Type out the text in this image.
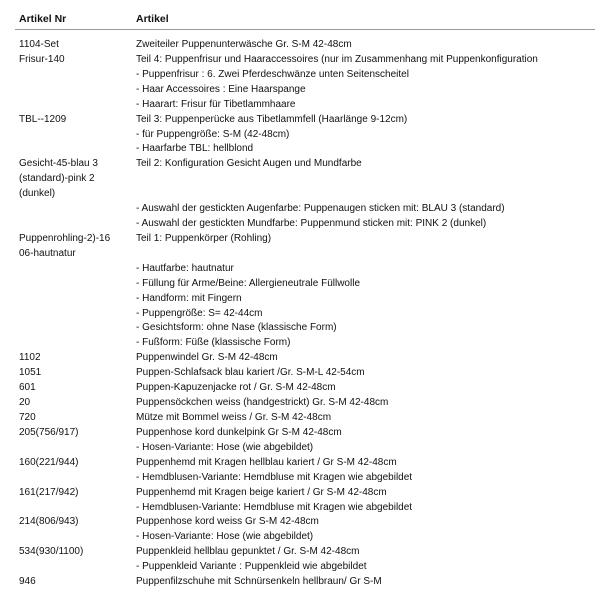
Artikel Nr	Artikel
1104-Set	Zweiteiler Puppenunterwäsche Gr. S-M 42-48cm
Frisur-140	Teil 4: Puppenfrisur und Haaraccessoires (nur im Zusammenhang mit Puppenkonfiguration
- Puppenfrisur : 6. Zwei Pferdeschwänze unten Seitenscheitel
- Haar Accessoires : Eine Haarspange
- Haarart: Frisur für Tibetlammhaare
TBL--1209	Teil 3: Puppenperücke aus Tibetlammfell (Haarlänge 9-12cm)
- für Puppengröße: S-M (42-48cm)
- Haarfarbe TBL: hellblond
Gesicht-45-blau 3	Teil 2: Konfiguration Gesicht Augen und Mundfarbe
(standard)-pink 2
(dunkel)
- Auswahl der gestickten Augenfarbe: Puppenaugen sticken mit: BLAU 3 (standard)
- Auswahl der gestickten Mundfarbe: Puppenmund sticken mit: PINK 2 (dunkel)
Puppenrohling-2)-16	Teil 1: Puppenkörper (Rohling)
06-hautnatur
- Hautfarbe: hautnatur
- Füllung für Arme/Beine: Allergieneutrale Füllwolle
- Handform: mit Fingern
- Puppengröße: S= 42-44cm
- Gesichtsform: ohne Nase (klassische Form)
- Fußform: Füße (klassische Form)
1102	Puppenwindel Gr. S-M 42-48cm
1051	Puppen-Schlafsack blau kariert /Gr. S-M-L 42-54cm
601	Puppen-Kapuzenjacke rot / Gr. S-M 42-48cm
20	Puppensöckchen weiss (handgestrickt) Gr. S-M 42-48cm
720	Mütze mit Bommel weiss / Gr. S-M 42-48cm
205(756/917)	Puppenhose kord dunkelpink Gr S-M 42-48cm
- Hosen-Variante: Hose (wie abgebildet)
160(221/944)	Puppenhemd mit Kragen hellblau kariert / Gr S-M 42-48cm
- Hemdblusen-Variante: Hemdbluse mit Kragen wie abgebildet
161(217/942)	Puppenhemd mit Kragen beige kariert / Gr S-M 42-48cm
- Hemdblusen-Variante: Hemdbluse mit Kragen wie abgebildet
214(806/943)	Puppenhose kord weiss Gr S-M 42-48cm
- Hosen-Variante: Hose (wie abgebildet)
534(930/1100)	Puppenkleid hellblau gepunktet / Gr. S-M 42-48cm
- Puppenkleid Variante : Puppenkleid wie abgebildet
946	Puppenfilzschuhe mit Schnürsenkeln hellbraun/ Gr S-M
